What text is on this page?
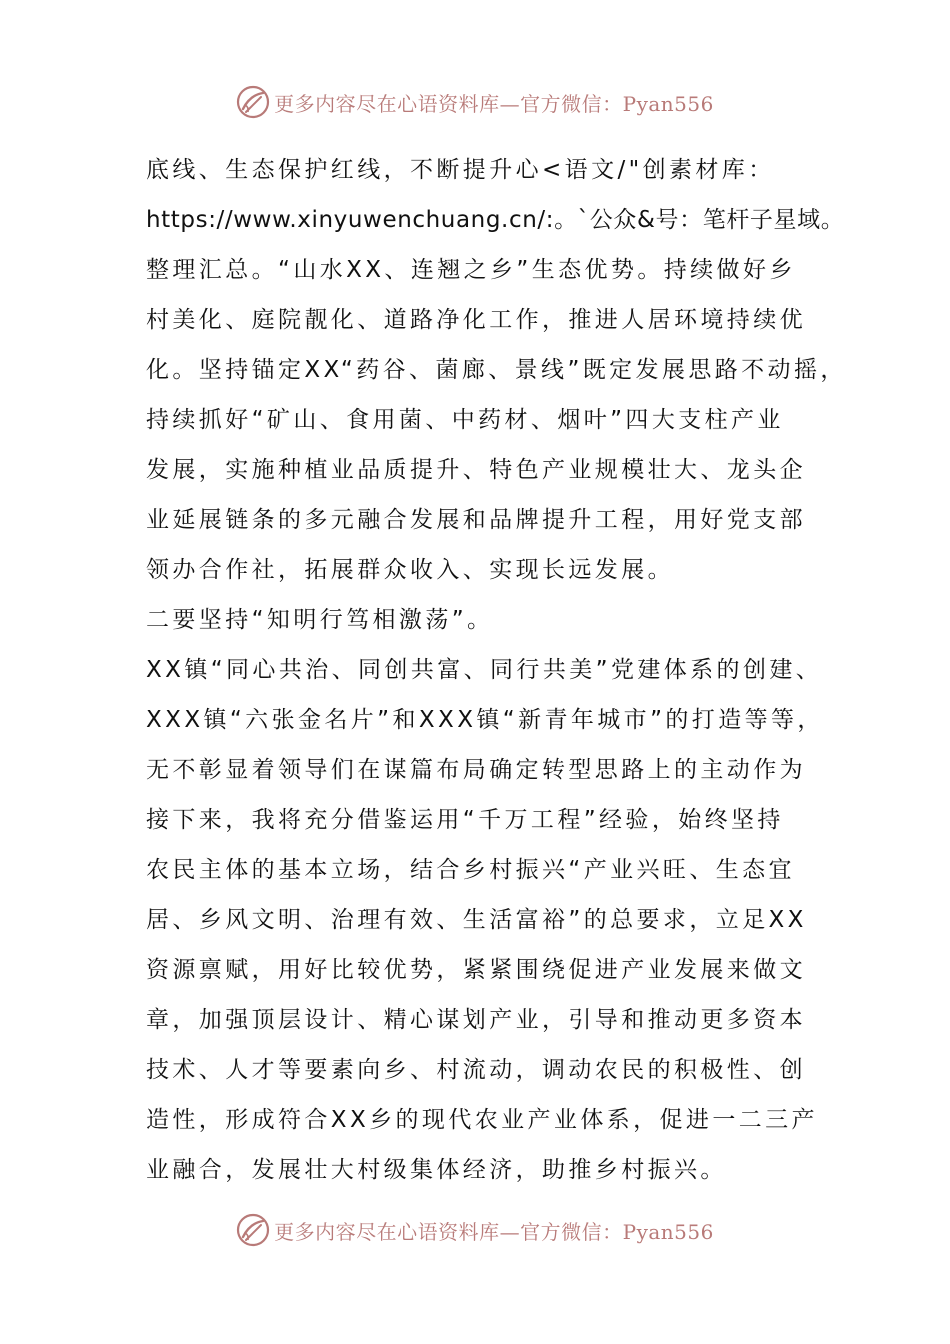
更多内容尽在心语资料库—官方微信：Pyan556
底线、生态保护红线，不断提升心<语文/"创素材库：
https://www.xinyuwenchuang.cn/:。`公众&号：笔杆子星域。
整理汇总。“山水XX、连翘之乡”生态优势。持续做好乡
村美化、庭院靓化、道路净化工作，推进人居环境持续优
化。坚持锚定XX“药谷、菌廊、景线”既定发展思路不动摇，
持续抓好“矿山、食用菌、中药材、烟叶”四大支柱产业
发展，实施种植业品质提升、特色产业规模壮大、龙头企
业延展链条的多元融合发展和品牌提升工程，用好党支部
领办合作社，拓展群众收入、实现长远发展。
二要坚持“知明行笃相激荡”。
XX镇“同心共治、同创共富、同行共美”党建体系的创建、
XXX镇“六张金名片”和XXX镇“新青年城市”的打造等等，
无不彰显着领导们在谋篇布局确定转型思路上的主动作为
接下来，我将充分借鉴运用“千万工程”经验，始终坚持
农民主体的基本立场，结合乡村振兴“产业兴旺、生态宜
居、乡风文明、治理有效、生活富裕”的总要求，立足XX
资源禀赋，用好比较优势，紧紧围绕促进产业发展来做文
章，加强顶层设计、精心谋划产业，引导和推动更多资本
技术、人才等要素向乡、村流动，调动农民的积极性、创
造性，形成符合XX乡的现代农业产业体系，促进一二三产
业融合，发展壮大村级集体经济，助推乡村振兴。
更多内容尽在心语资料库—官方微信：Pyan556
